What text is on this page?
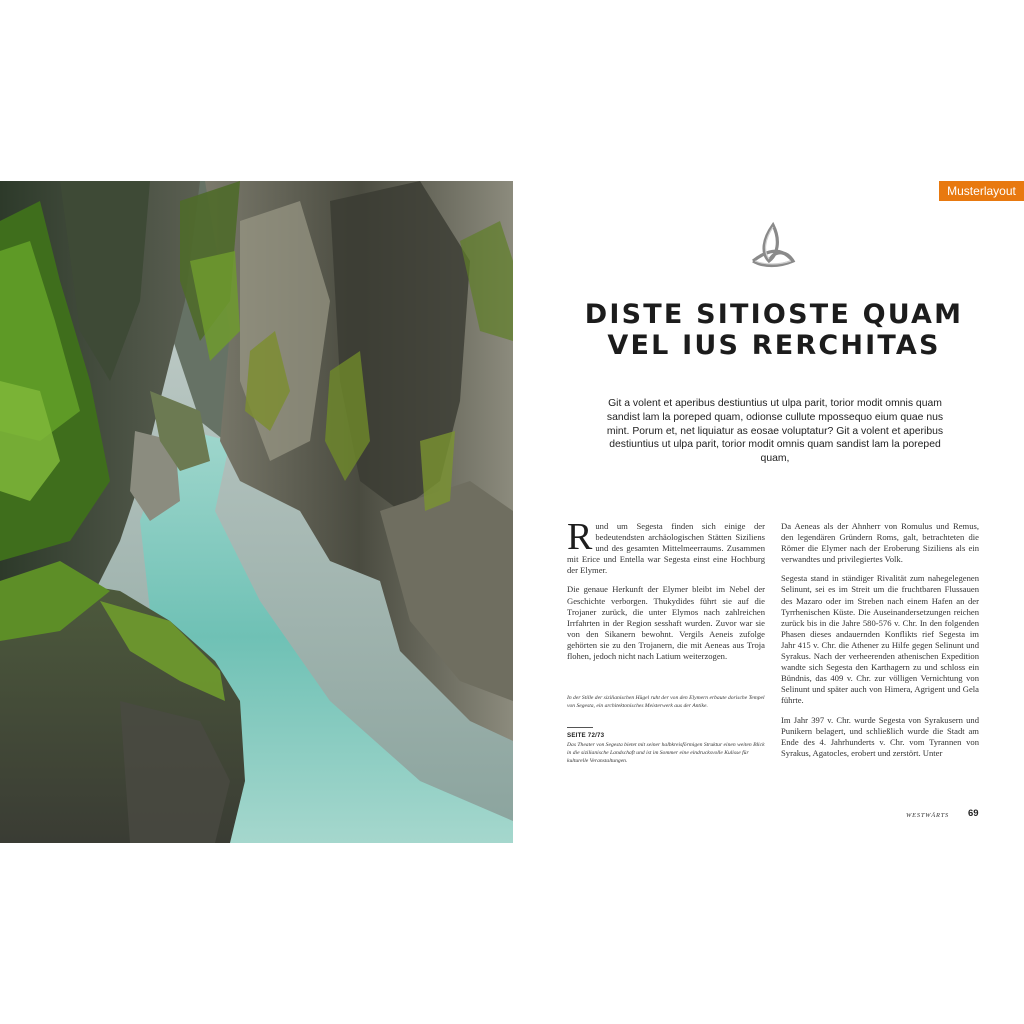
Musterlayout
DISTE SITIOSTE QUAM
VEL IUS RERCHITAS

Git a volent et aperibus destiuntius ut ulpa parit, torior modit omnis quam sandist lam la poreped quam, odionse cullute mpossequo eium quae nus mint. Porum et, net liquiatur as eosae voluptatur? Git a volent et aperibus destiuntius ut ulpa parit, torior modit omnis quam sandist lam la poreped quam,

Rund um Segesta finden sich einige der bedeutendsten archäologischen Stätten Siziliens und des gesamten Mittelmeerraums. Zusammen mit Erice und Entella war Segesta einst eine Hochburg der Elymer.

Die genaue Herkunft der Elymer bleibt im Nebel der Geschichte verborgen. Thukydides führt sie auf die Trojaner zurück, die unter Elymos nach zahlreichen Irrfahrten in der Region sesshaft wurden. Zuvor war sie von den Sikanern bewohnt. Vergils Aeneis zufolge gehörten sie zu den Trojanern, die mit Aeneas aus Troja flohen, jedoch nicht nach Latium weiterzogen.

In der Stille der sizilianischen Hügel ruht der von den Elymern erbaute dorische Tempel von Segesta, ein architektonisches Meisterwerk aus der Antike.

SEITE 72/73

Das Theater von Segesta bietet mit seiner halbkreisförmigen Struktur einen weiten Blick in die sizilianische Landschaft und ist im Sommer eine eindrucksvolle Kulisse für kulturelle Veranstaltungen.

Da Aeneas als der Ahnherr von Romulus und Remus, den legendären Gründern Roms, galt, betrachteten die Römer die Elymer nach der Eroberung Siziliens als ein verwandtes und privilegiertes Volk.

Segesta stand in ständiger Rivalität zum nahegelegenen Selinunt, sei es im Streit um die fruchtbaren Flussauen des Mazaro oder im Streben nach einem Hafen an der Tyrrhenischen Küste. Die Auseinandersetzungen reichen zurück bis in die Jahre 580-576 v. Chr. In den folgenden Phasen dieses andauernden Konflikts rief Segesta im Jahr 415 v. Chr. die Athener zu Hilfe gegen Selinunt und Syrakus. Nach der verheerenden athenischen Expedition wandte sich Segesta den Karthagern zu und schloss ein Bündnis, das 409 v. Chr. zur völligen Vernichtung von Selinunt und später auch von Himera, Agrigent und Gela führte.

Im Jahr 397 v. Chr. wurde Segesta von Syrakusern und Punikern belagert, und schließlich wurde die Stadt am Ende des 4. Jahrhunderts v. Chr. vom Tyrannen von Syrakus, Agatocles, erobert und zerstört. Unter

WESTWÄRTS 69
